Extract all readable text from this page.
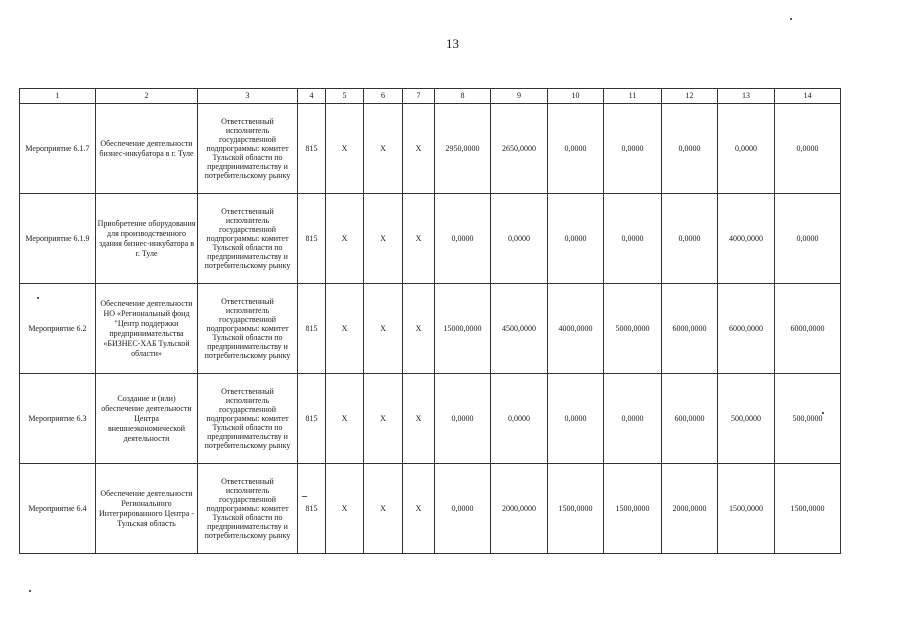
13
1	2	3	4	5	6	7	8	9	10	11	12	13	14
Мероприятие 6.1.7	Обеспечение деятельности бизнес-инкубатора в г. Туле	Ответственный исполнитель государственной подпрограммы: комитет Тульской области по предпринимательству и потребительскому рынку	815	Х	Х	Х	2950,0000	2650,0000	0,0000	0,0000	0,0000	0,0000	0,0000
Мероприятие 6.1.9	Приобретение оборудования для производственного здания бизнес-инкубатора в г. Туле	Ответственный исполнитель государственной подпрограммы: комитет Тульской области по предпринимательству и потребительскому рынку	815	Х	Х	Х	0,0000	0,0000	0,0000	0,0000	0,0000	4000,0000	0,0000
Мероприятие 6.2	Обеспечение деятельности НО «Региональный фонд "Центр поддержки предпринимательства «БИЗНЕС-ХАБ Тульской области»	Ответственный исполнитель государственной подпрограммы: комитет Тульской области по предпринимательству и потребительскому рынку	815	Х	Х	Х	15000,0000	4500,0000	4000,0000	5000,0000	6000,0000	6000,0000	6000,0000
Мероприятие 6.3	Создание и (или) обеспечение деятельности Центра внешнеэкономической деятельности	Ответственный исполнитель государственной подпрограммы: комитет Тульской области по предпринимательству и потребительскому рынку	815	Х	Х	Х	0,0000	0,0000	0,0000	0,0000	600,0000	500,0000	500,0000
Мероприятие 6.4	Обеспечение деятельности Регионального Интегрированного Центра - Тульская область	Ответственный исполнитель государственной подпрограммы: комитет Тульской области по предпринимательству и потребительскому рынку	815	Х	Х	Х	0,0000	2000,0000	1500,0000	1500,0000	2000,0000	1500,0000	1500,0000
